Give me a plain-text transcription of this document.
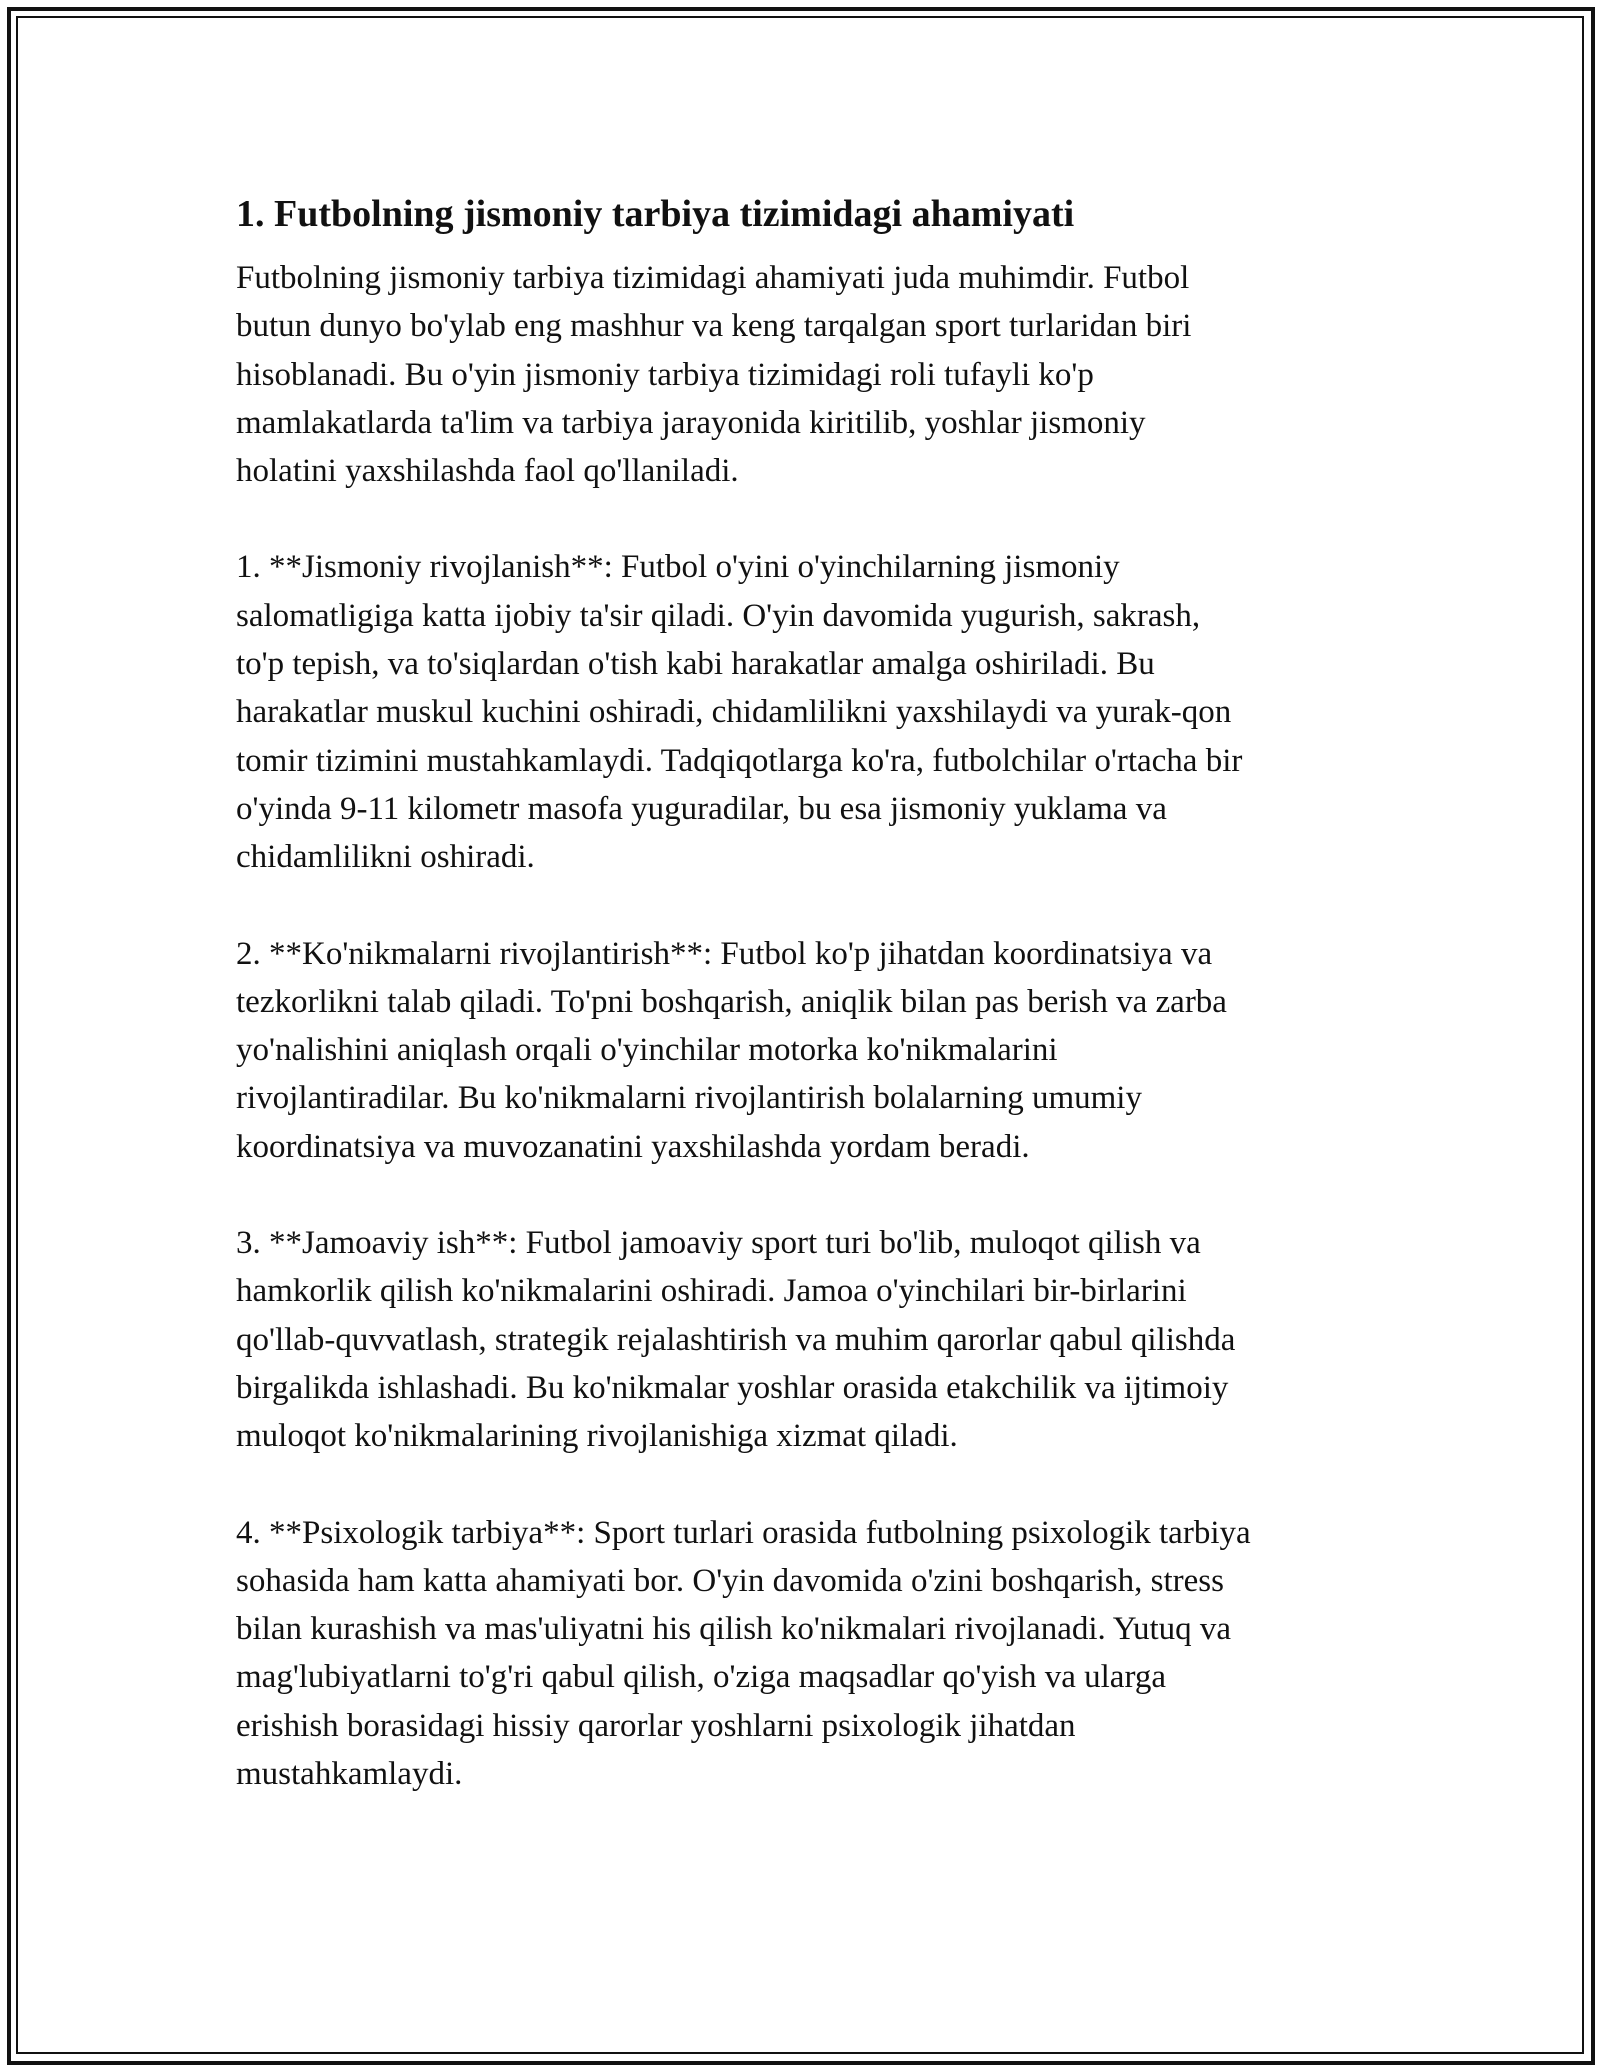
1. Futbolning jismoniy tarbiya tizimidagi ahamiyati
Futbolning jismoniy tarbiya tizimidagi ahamiyati juda muhimdir. Futbol
butun dunyo bo'ylab eng mashhur va keng tarqalgan sport turlaridan biri
hisoblanadi. Bu o'yin jismoniy tarbiya tizimidagi roli tufayli ko'p
mamlakatlarda ta'lim va tarbiya jarayonida kiritilib, yoshlar jismoniy
holatini yaxshilashda faol qo'llaniladi.
1. **Jismoniy rivojlanish**: Futbol o'yini o'yinchilarning jismoniy
salomatligiga katta ijobiy ta'sir qiladi. O'yin davomida yugurish, sakrash,
to'p tepish, va to'siqlardan o'tish kabi harakatlar amalga oshiriladi. Bu
harakatlar muskul kuchini oshiradi, chidamlilikni yaxshilaydi va yurak-qon
tomir tizimini mustahkamlaydi. Tadqiqotlarga ko'ra, futbolchilar o'rtacha bir
o'yinda 9-11 kilometr masofa yuguradilar, bu esa jismoniy yuklama va
chidamlilikni oshiradi.
2. **Ko'nikmalarni rivojlantirish**: Futbol ko'p jihatdan koordinatsiya va
tezkorlikni talab qiladi. To'pni boshqarish, aniqlik bilan pas berish va zarba
yo'nalishini aniqlash orqali o'yinchilar motorka ko'nikmalarini
rivojlantiradilar. Bu ko'nikmalarni rivojlantirish bolalarning umumiy
koordinatsiya va muvozanatini yaxshilashda yordam beradi.
3. **Jamoaviy ish**: Futbol jamoaviy sport turi bo'lib, muloqot qilish va
hamkorlik qilish ko'nikmalarini oshiradi. Jamoa o'yinchilari bir-birlarini
qo'llab-quvvatlash, strategik rejalashtirish va muhim qarorlar qabul qilishda
birgalikda ishlashadi. Bu ko'nikmalar yoshlar orasida etakchilik va ijtimoiy
muloqot ko'nikmalarining rivojlanishiga xizmat qiladi.
4. **Psixologik tarbiya**: Sport turlari orasida futbolning psixologik tarbiya
sohasida ham katta ahamiyati bor. O'yin davomida o'zini boshqarish, stress
bilan kurashish va mas'uliyatni his qilish ko'nikmalari rivojlanadi. Yutuq va
mag'lubiyatlarni to'g'ri qabul qilish, o'ziga maqsadlar qo'yish va ularga
erishish borasidagi hissiy qarorlar yoshlarni psixologik jihatdan
mustahkamlaydi.
